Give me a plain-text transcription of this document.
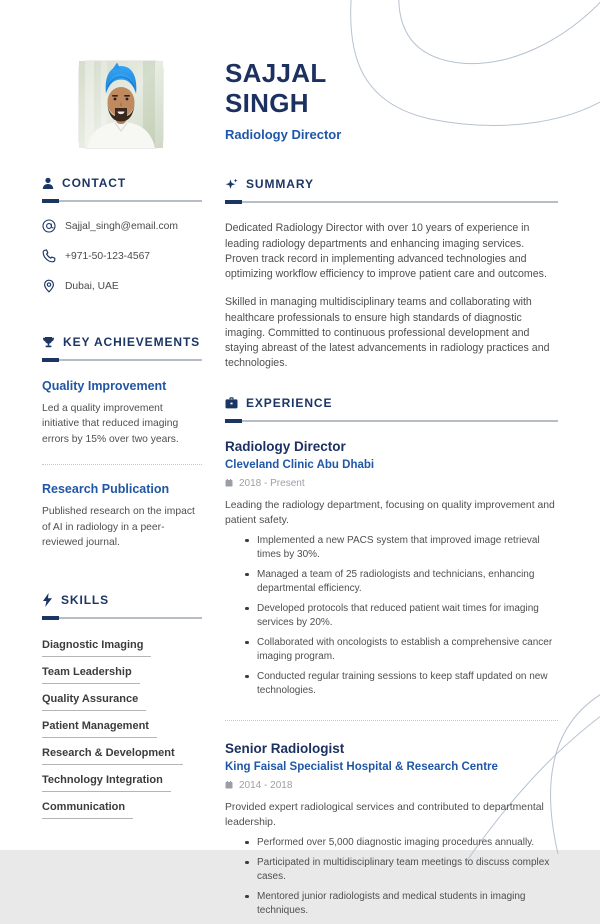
CONTACT
Sajjal_singh@email.com
+971-50-123-4567
Dubai, UAE
KEY ACHIEVEMENTS
Quality Improvement
Led a quality improvement initiative that reduced imaging errors by 15% over two years.
Research Publication
Published research on the impact of AI in radiology in a peer-reviewed journal.
SKILLS
Diagnostic Imaging
Team Leadership
Quality Assurance
Patient Management
Research & Development
Technology Integration
Communication
SAJJAL
SINGH
Radiology Director
SUMMARY

Dedicated Radiology Director with over 10 years of experience in leading radiology departments and enhancing imaging services. Proven track record in implementing advanced technologies and optimizing workflow efficiency to improve patient care and outcomes.

Skilled in managing multidisciplinary teams and collaborating with healthcare professionals to ensure high standards of diagnostic imaging. Committed to continuous professional development and staying abreast of the latest advancements in radiology practices and technologies.

EXPERIENCE
Radiology Director
Cleveland Clinic Abu Dhabi
2018 - Present
Leading the radiology department, focusing on quality improvement and patient safety.
Implemented a new PACS system that improved image retrieval times by 30%.
Managed a team of 25 radiologists and technicians, enhancing departmental efficiency.
Developed protocols that reduced patient wait times for imaging services by 20%.
Collaborated with oncologists to establish a comprehensive cancer imaging program.
Conducted regular training sessions to keep staff updated on new technologies.
Senior Radiologist
King Faisal Specialist Hospital & Research Centre
2014 - 2018
Provided expert radiological services and contributed to departmental leadership.
Performed over 5,000 diagnostic imaging procedures annually.
Participated in multidisciplinary team meetings to discuss complex cases.
Mentored junior radiologists and medical students in imaging techniques.
